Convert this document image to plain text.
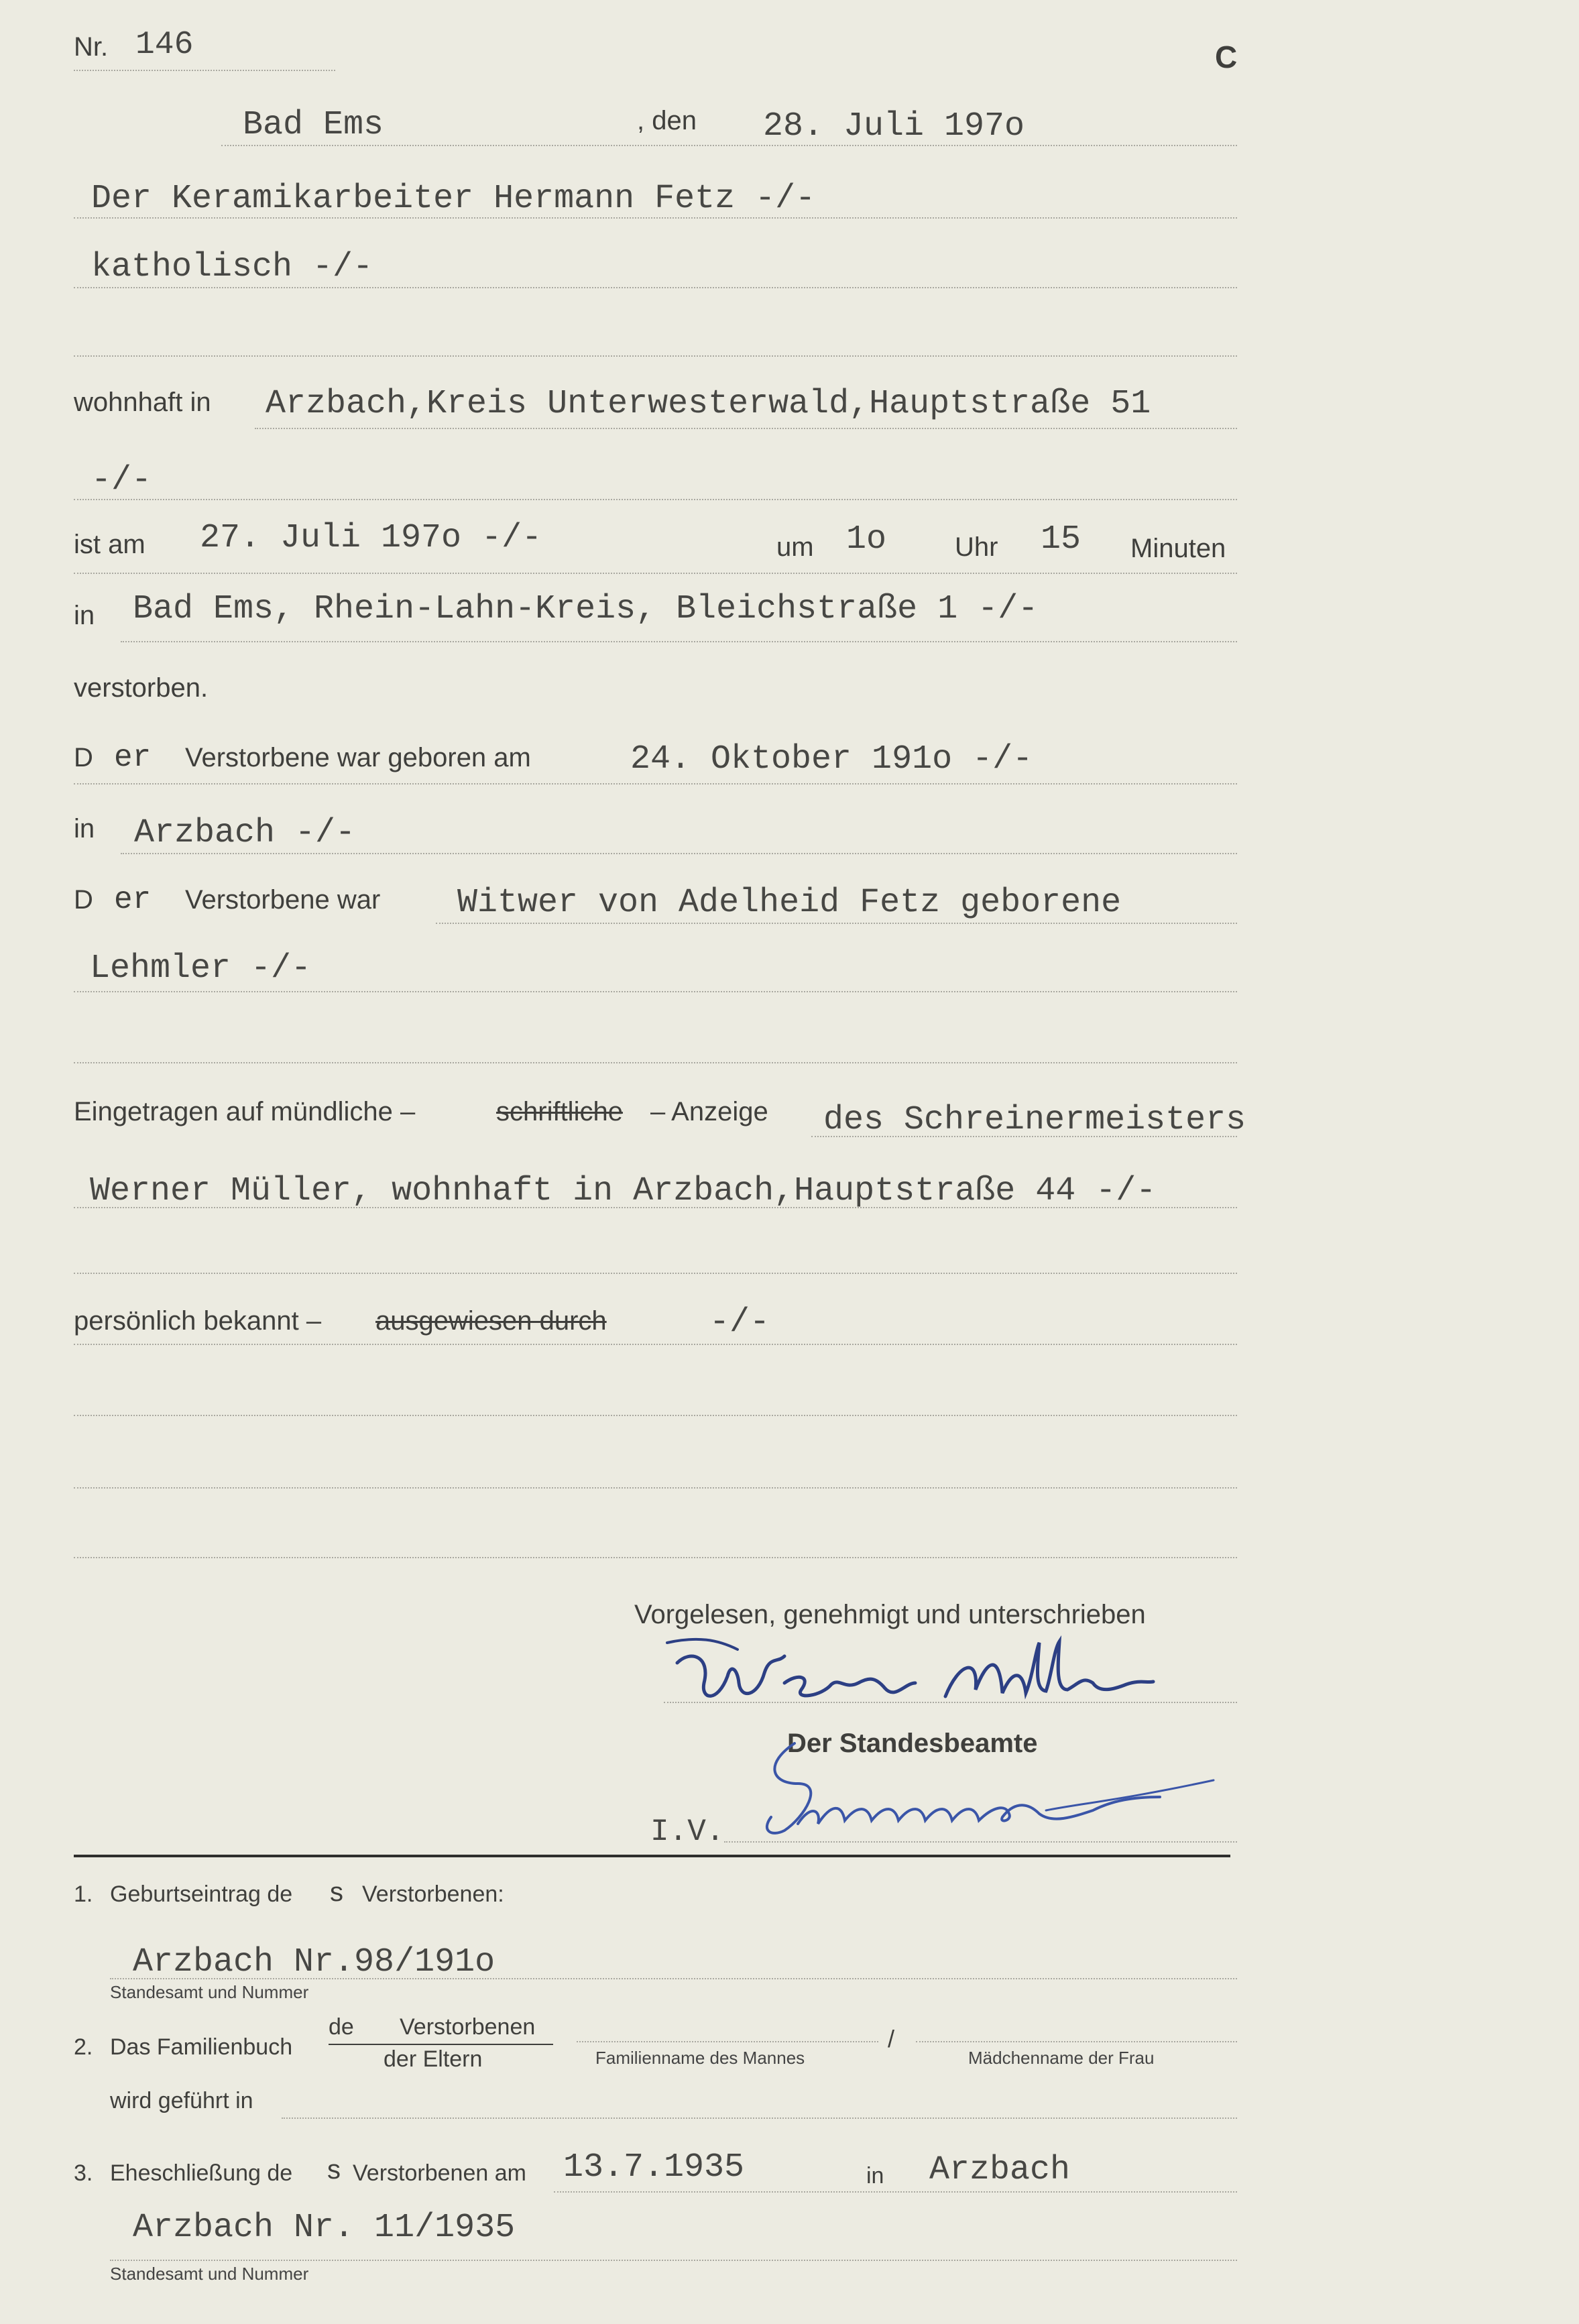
Nr. 146	C
Bad Ems	, den 28. Juli 197o
Der Keramikarbeiter Hermann Fetz -/-
katholisch -/-
wohnhaft in Arzbach,Kreis Unterwesterwald,Hauptstraße 51
-/-
ist am 27. Juli 197o -/-	um 1o	Uhr 15 Minuten
in Bad Ems, Rhein-Lahn-Kreis, Bleichstraße 1 -/-
verstorben.
D er Verstorbene war geboren am	24. Oktober 191o -/-
in Arzbach -/-
D er Verstorbene war Witwer von Adelheid Fetz geborene
Lehmler -/-
Eingetragen auf mündliche –	schriftliche – Anzeige des Schreinermeisters
Werner Müller, wohnhaft in Arzbach,Hauptstraße 44 -/-
persönlich bekannt – ausgewiesen durch	-/-
Vorgelesen, genehmigt und unterschrieben
Der Standesbeamte
I.V.
1. Geburtseintrag de s Verstorbenen:
Arzbach Nr.98/191o
Standesamt und Nummer
2. Das Familienbuch
de Verstorbenen
der Eltern	Familienname des Mannes
/
Mädchenname der Frau
wird geführt in
3. Eheschließung de s Verstorbenen am 13.7.1935	in Arzbach
Arzbach Nr. 11/1935
Standesamt und Nummer
